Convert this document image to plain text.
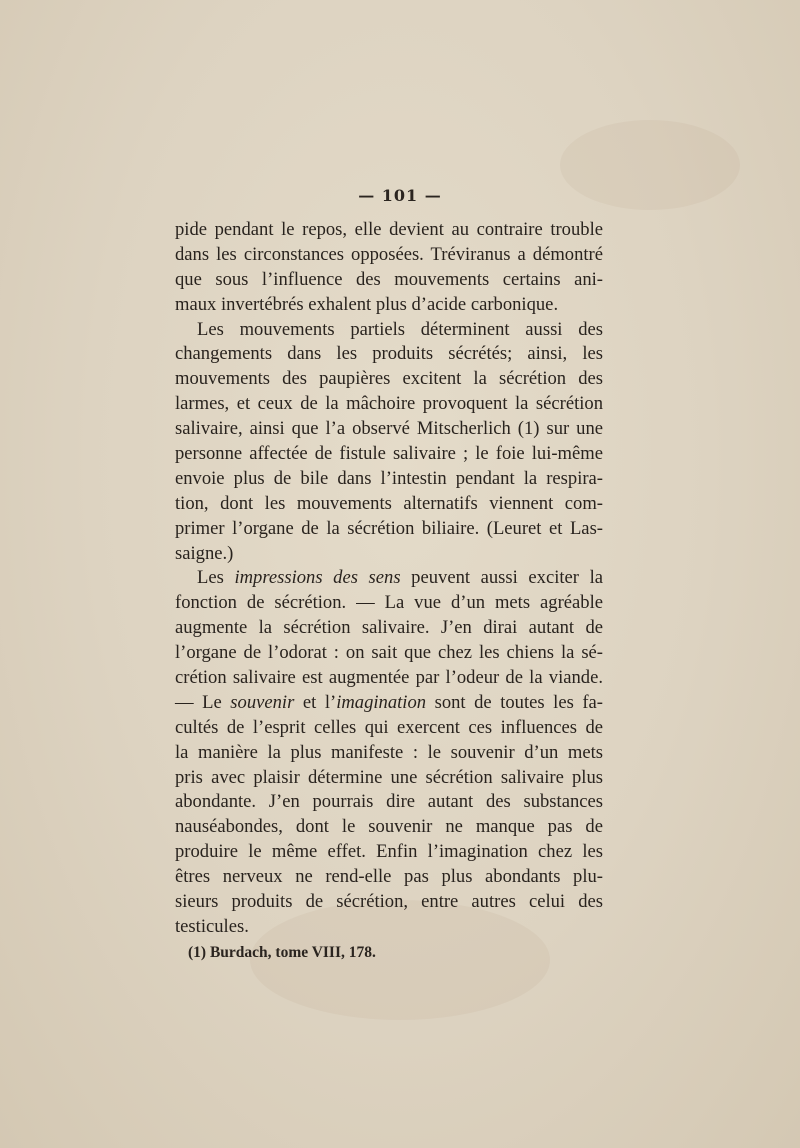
— 101 —
pide pendant le repos, elle devient au contraire trouble
dans les circonstances opposées. Tréviranus a démontré
que sous l’influence des mouvements certains ani-
maux invertébrés exhalent plus d’acide carbonique.
Les mouvements partiels déterminent aussi des
changements dans les produits sécrétés; ainsi, les
mouvements des paupières excitent la sécrétion des
larmes, et ceux de la mâchoire provoquent la sécrétion
salivaire, ainsi que l’a observé Mitscherlich (1) sur une
personne affectée de fistule salivaire ; le foie lui-même
envoie plus de bile dans l’intestin pendant la respira-
tion, dont les mouvements alternatifs viennent com-
primer l’organe de la sécrétion biliaire. (Leuret et Las-
saigne.)
Les impressions des sens peuvent aussi exciter la
fonction de sécrétion. — La vue d’un mets agréable
augmente la sécrétion salivaire. J’en dirai autant de
l’organe de l’odorat : on sait que chez les chiens la sé-
crétion salivaire est augmentée par l’odeur de la viande.
— Le souvenir et l’imagination sont de toutes les fa-
cultés de l’esprit celles qui exercent ces influences de
la manière la plus manifeste : le souvenir d’un mets
pris avec plaisir détermine une sécrétion salivaire plus
abondante. J’en pourrais dire autant des substances
nauséabondes, dont le souvenir ne manque pas de
produire le même effet. Enfin l’imagination chez les
êtres nerveux ne rend-elle pas plus abondants plu-
sieurs produits de sécrétion, entre autres celui des
testicules.
(1) Burdach, tome VIII, 178.
